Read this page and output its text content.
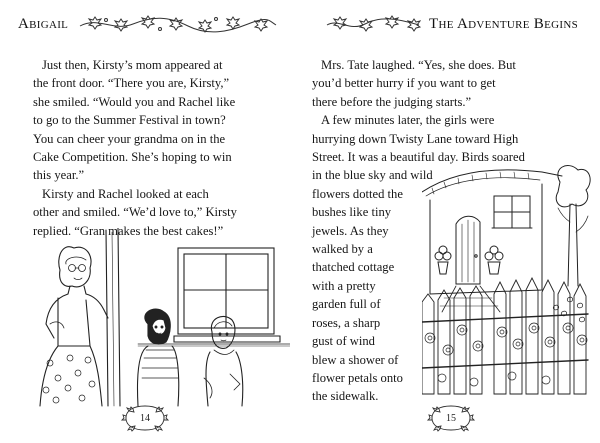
Abigail

Just then, Kirsty’s mom appeared at
the front door. “There you are, Kirsty,”
she smiled. “Would you and Rachel like
to go to the Summer Festival in town?
You can cheer your grandma on in the
Cake Competition. She’s hoping to win
this year.”

Kirsty and Rachel looked at each
other and smiled. “We’d love to,” Kirsty
replied. “Gran makes the best cakes!”

14
The Adventure Begins

Mrs. Tate laughed. “Yes, she does. But
you’d better hurry if you want to get
there before the judging starts.”

A few minutes later, the girls were
hurrying down Twisty Lane toward High
Street. It was a beautiful day. Birds soared
in the blue sky and wild
flowers dotted the
bushes like tiny
jewels. As they
walked by a
thatched cottage
with a pretty
garden full of
roses, a sharp
gust of wind
blew a shower of
flower petals onto
the sidewalk.

15
